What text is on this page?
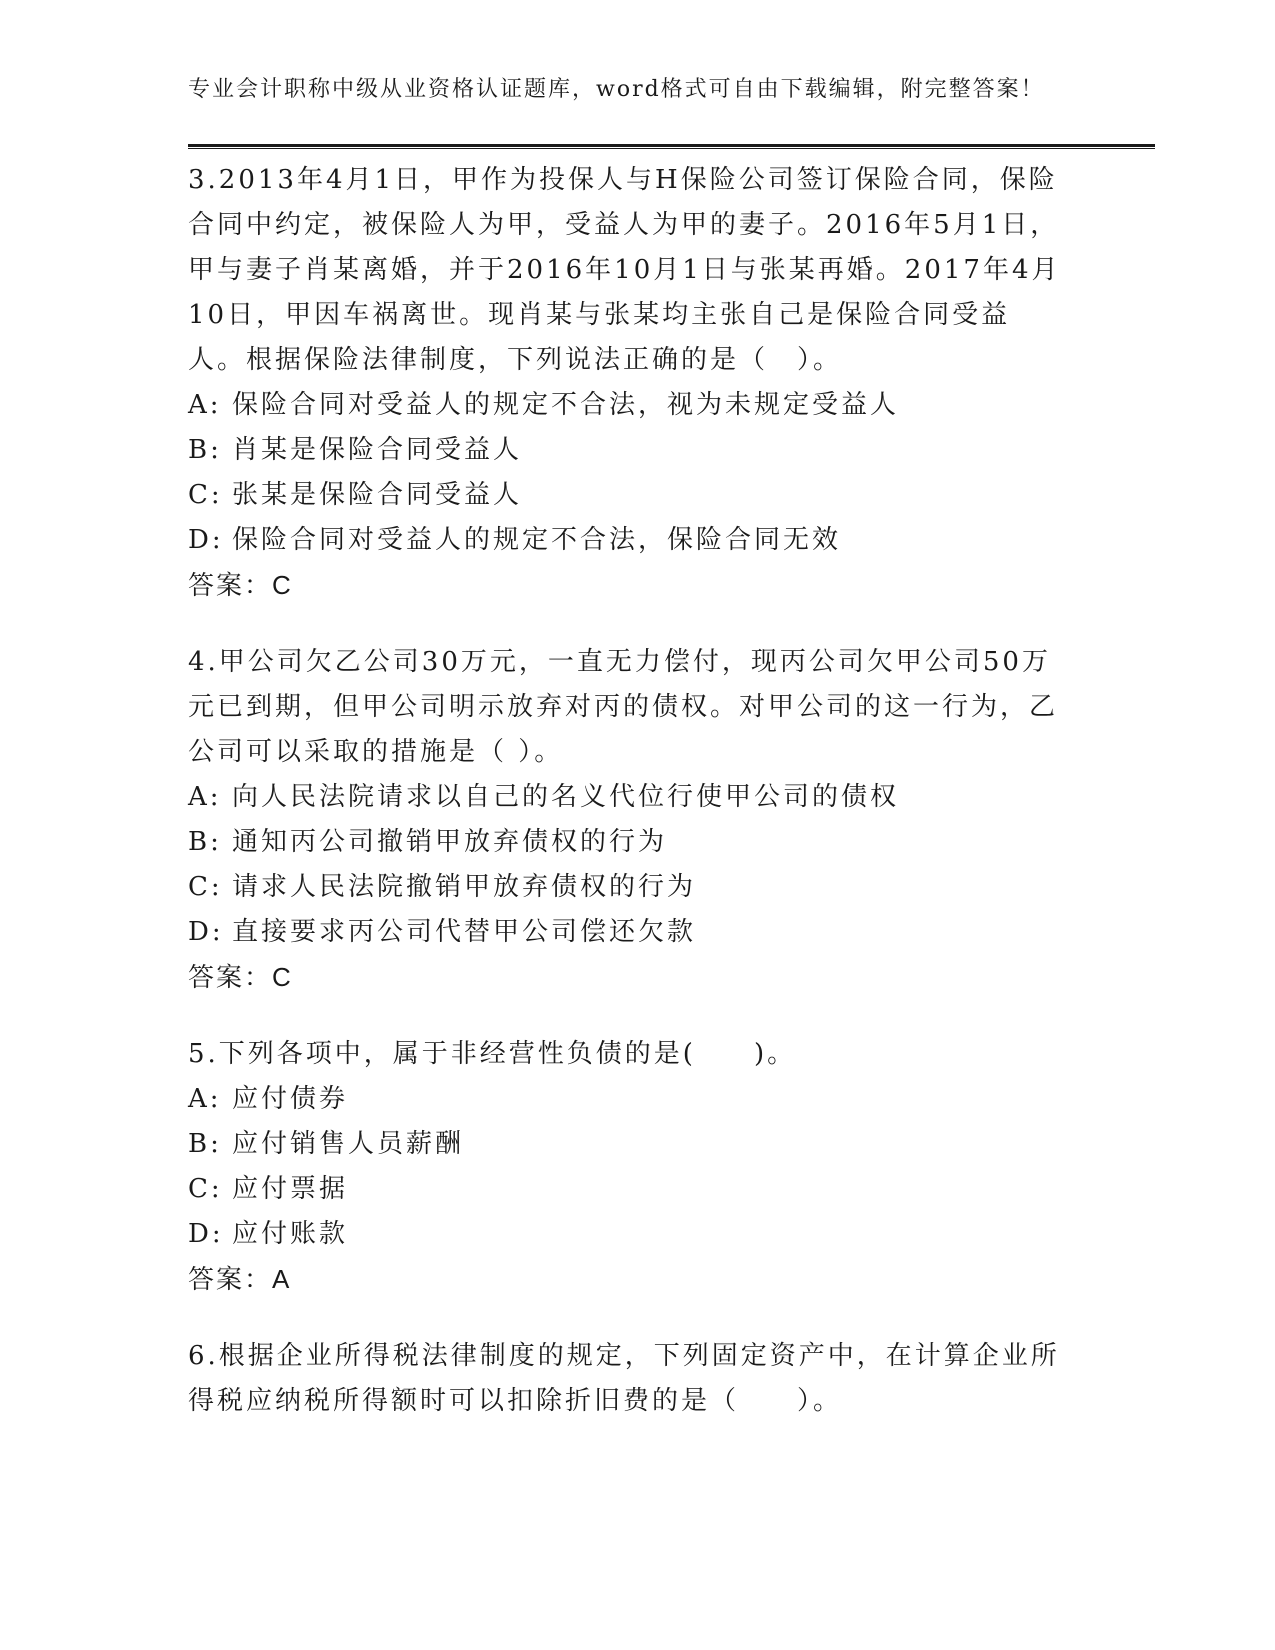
专业会计职称中级从业资格认证题库，word格式可自由下载编辑，附完整答案！

3.2013年4月1日，甲作为投保人与H保险公司签订保险合同，保险合同中约定，被保险人为甲，受益人为甲的妻子。2016年5月1日，甲与妻子肖某离婚，并于2016年10月1日与张某再婚。2017年4月10日，甲因车祸离世。现肖某与张某均主张自己是保险合同受益人。根据保险法律制度，下列说法正确的是（　）。

A: 保险合同对受益人的规定不合法，视为未规定受益人

B: 肖某是保险合同受益人

C: 张某是保险合同受益人

D: 保险合同对受益人的规定不合法，保险合同无效

答案：C

4.甲公司欠乙公司30万元，一直无力偿付，现丙公司欠甲公司50万元已到期，但甲公司明示放弃对丙的债权。对甲公司的这一行为，乙公司可以采取的措施是（ ）。

A: 向人民法院请求以自己的名义代位行使甲公司的债权

B: 通知丙公司撤销甲放弃债权的行为

C: 请求人民法院撤销甲放弃债权的行为

D: 直接要求丙公司代替甲公司偿还欠款

答案：C

5.下列各项中，属于非经营性负债的是(　　)。

A: 应付债券

B: 应付销售人员薪酬

C: 应付票据

D: 应付账款

答案：A

6.根据企业所得税法律制度的规定，下列固定资产中，在计算企业所得税应纳税所得额时可以扣除折旧费的是（　　）。
